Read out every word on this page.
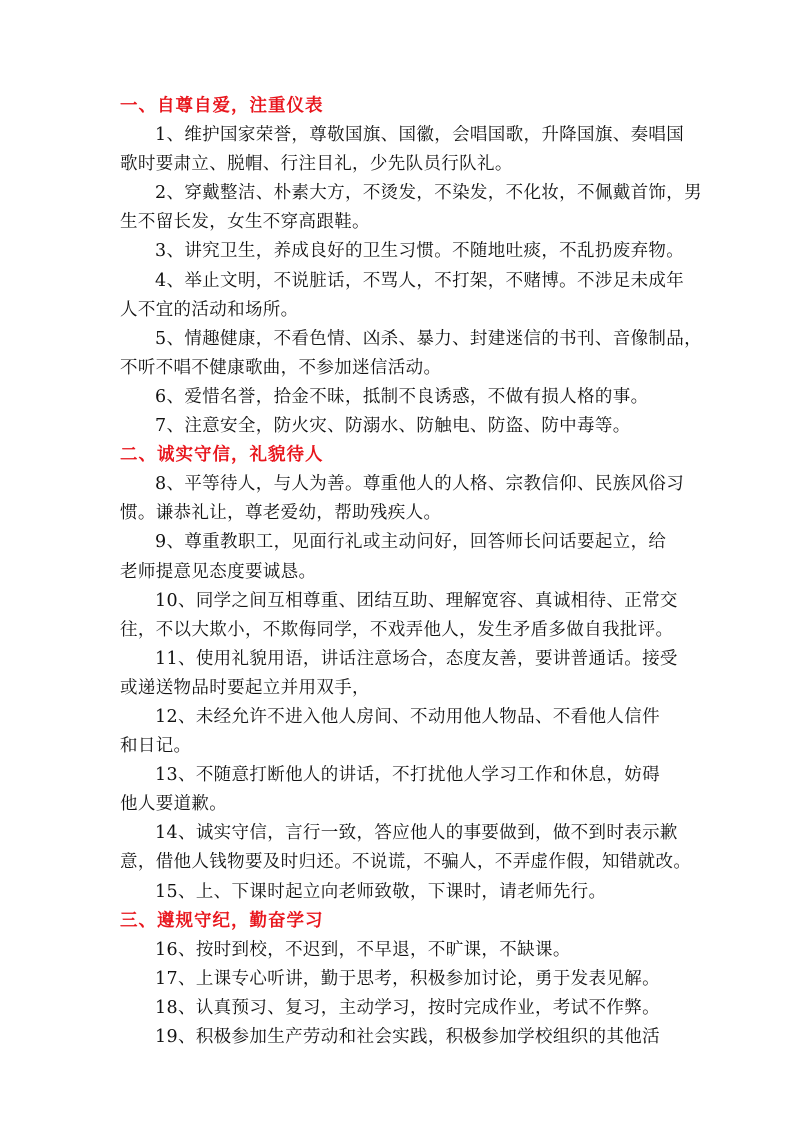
一、自尊自爱，注重仪表
1、维护国家荣誉，尊敬国旗、国徽，会唱国歌，升降国旗、奏唱国
歌时要肃立、脱帽、行注目礼，少先队员行队礼。
2、穿戴整洁、朴素大方，不烫发，不染发，不化妆，不佩戴首饰，男
生不留长发，女生不穿高跟鞋。
3、讲究卫生，养成良好的卫生习惯。不随地吐痰，不乱扔废弃物。
4、举止文明，不说脏话，不骂人，不打架，不赌博。不涉足未成年
人不宜的活动和场所。
5、情趣健康，不看色情、凶杀、暴力、封建迷信的书刊、音像制品，
不听不唱不健康歌曲，不参加迷信活动。
6、爱惜名誉，拾金不昧，抵制不良诱惑，不做有损人格的事。
7、注意安全，防火灾、防溺水、防触电、防盗、防中毒等。
二、诚实守信，礼貌待人
8、平等待人，与人为善。尊重他人的人格、宗教信仰、民族风俗习
惯。谦恭礼让，尊老爱幼，帮助残疾人。
9、尊重教职工，见面行礼或主动问好，回答师长问话要起立，给
老师提意见态度要诚恳。
10、同学之间互相尊重、团结互助、理解宽容、真诚相待、正常交
往，不以大欺小，不欺侮同学，不戏弄他人，发生矛盾多做自我批评。
11、使用礼貌用语，讲话注意场合，态度友善，要讲普通话。接受
或递送物品时要起立并用双手，
12、未经允许不进入他人房间、不动用他人物品、不看他人信件
和日记。
13、不随意打断他人的讲话，不打扰他人学习工作和休息，妨碍
他人要道歉。
14、诚实守信，言行一致，答应他人的事要做到，做不到时表示歉
意，借他人钱物要及时归还。不说谎，不骗人，不弄虚作假，知错就改。
15、上、下课时起立向老师致敬，下课时，请老师先行。
三、遵规守纪，勤奋学习
16、按时到校，不迟到，不早退，不旷课，不缺课。
17、上课专心听讲，勤于思考，积极参加讨论，勇于发表见解。
18、认真预习、复习，主动学习，按时完成作业，考试不作弊。
19、积极参加生产劳动和社会实践，积极参加学校组织的其他活
